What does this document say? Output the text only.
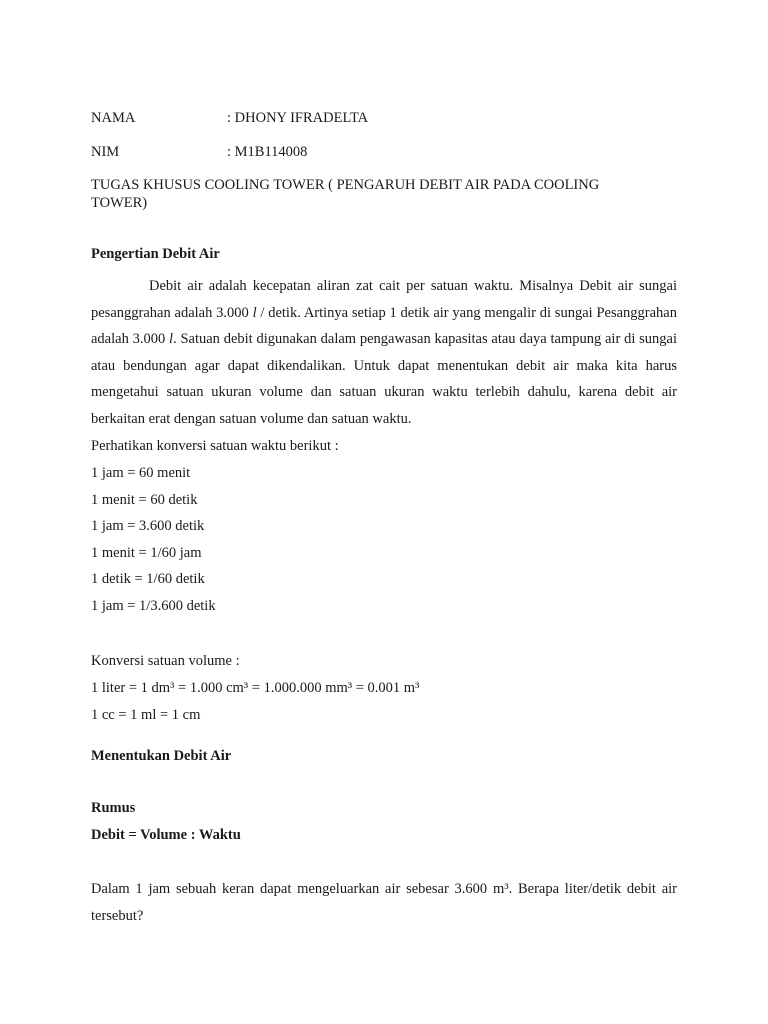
NAMA	: DHONY IFRADELTA
NIM	: M1B114008
TUGAS KHUSUS COOLING TOWER ( PENGARUH DEBIT AIR PADA COOLING TOWER)
Pengertian Debit Air
Debit air adalah kecepatan aliran zat cait per satuan waktu. Misalnya Debit air sungai pesanggrahan adalah 3.000 l / detik. Artinya setiap 1 detik air yang mengalir di sungai Pesanggrahan adalah 3.000 l. Satuan debit digunakan dalam pengawasan kapasitas atau daya tampung air di sungai atau bendungan agar dapat dikendalikan. Untuk dapat menentukan debit air maka kita harus mengetahui satuan ukuran volume dan satuan ukuran waktu terlebih dahulu, karena debit air berkaitan erat dengan satuan volume dan satuan waktu.
Perhatikan konversi satuan waktu berikut :
1 jam = 60 menit
1 menit = 60 detik
1 jam = 3.600 detik
1 menit = 1/60 jam
1 detik = 1/60 detik
1 jam = 1/3.600 detik
Konversi satuan volume :
1 liter = 1 dm³ = 1.000 cm³ = 1.000.000 mm³ = 0.001 m³
1 cc = 1 ml = 1 cm
Menentukan Debit Air
Rumus
Debit = Volume : Waktu
Dalam 1 jam sebuah keran dapat mengeluarkan air sebesar 3.600 m³. Berapa liter/detik debit air tersebut?
